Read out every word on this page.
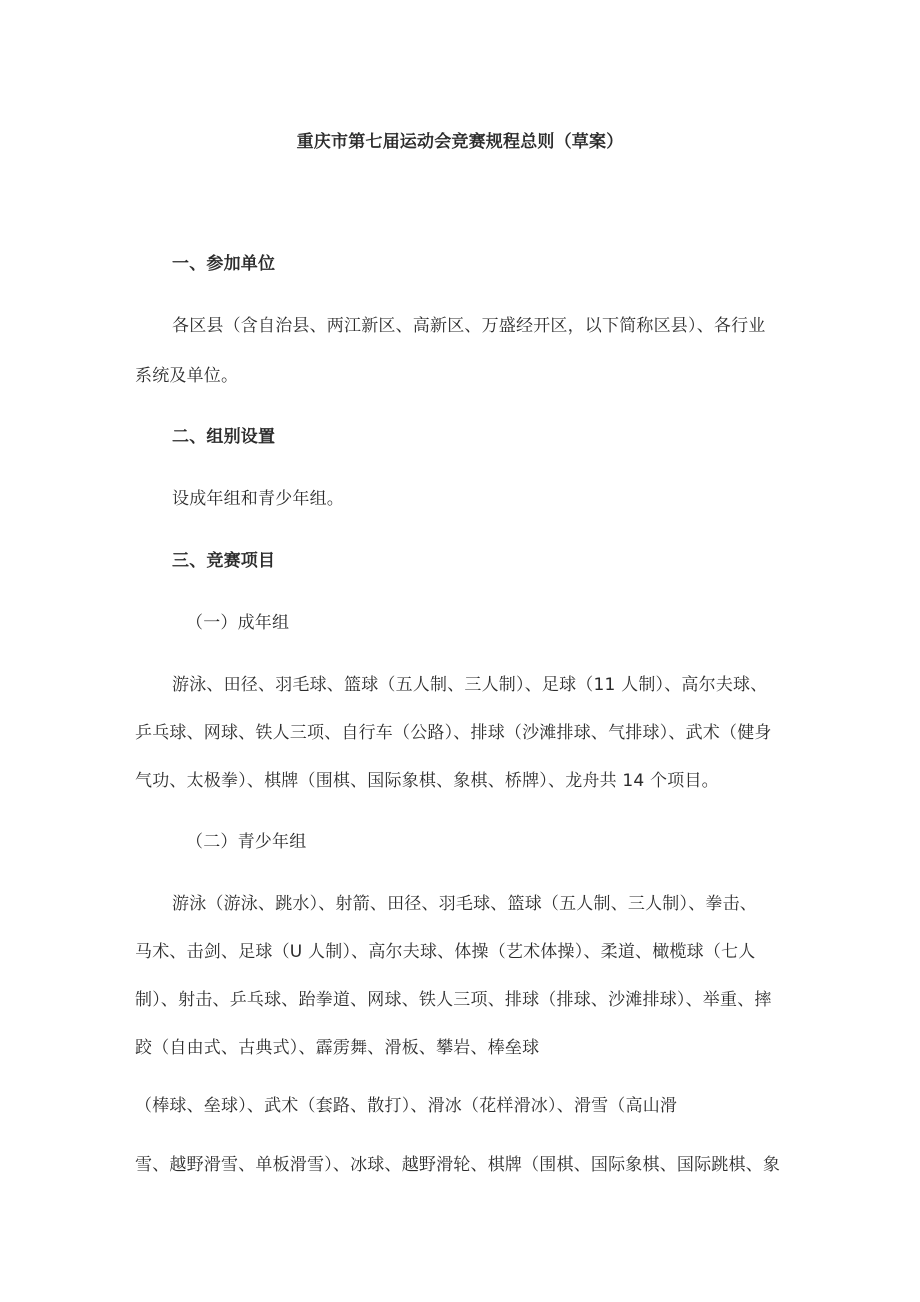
重庆市第七届运动会竞赛规程总则（草案）

一、参加单位

各区县（含自治县、两江新区、高新区、万盛经开区，以下简称区县）、各行业

系统及单位。

二、组别设置

设成年组和青少年组。

三、竞赛项目

（一）成年组

游泳、田径、羽毛球、篮球（五人制、三人制）、足球（11 人制）、高尔夫球、

乒乓球、网球、铁人三项、自行车（公路）、排球（沙滩排球、气排球）、武术（健身

气功、太极拳）、棋牌（围棋、国际象棋、象棋、桥牌）、龙舟共 14 个项目。

（二）青少年组

游泳（游泳、跳水）、射箭、田径、羽毛球、篮球（五人制、三人制）、拳击、

马术、击剑、足球（U 人制）、高尔夫球、体操（艺术体操）、柔道、橄榄球（七人

制）、射击、乒乓球、跆拳道、网球、铁人三项、排球（排球、沙滩排球）、举重、摔

跤（自由式、古典式）、霹雳舞、滑板、攀岩、棒垒球

（棒球、垒球）、武术（套路、散打）、滑冰（花样滑冰）、滑雪（高山滑

雪、越野滑雪、单板滑雪）、冰球、越野滑轮、棋牌（围棋、国际象棋、国际跳棋、象
